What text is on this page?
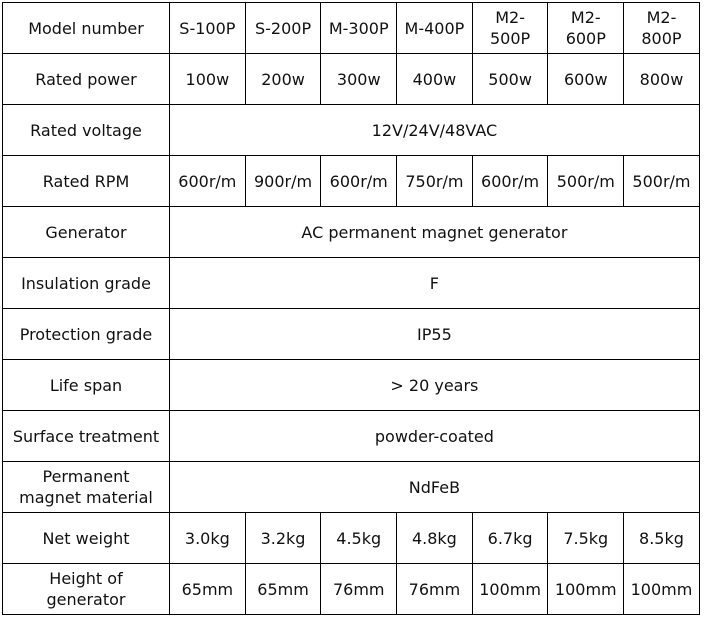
Model number	S-100P	S-200P	M-300P	M-400P	M2-500P	M2-600P	M2-800P
Rated power	100w	200w	300w	400w	500w	600w	800w
Rated voltage	12V/24V/48VAC						
Rated RPM	600r/m	900r/m	600r/m	750r/m	600r/m	500r/m	500r/m
Generator	AC permanent magnet generator						
Insulation grade	F						
Protection grade	IP55						
Life span	> 20 years						
Surface treatment	powder-coated						
Permanent magnet material	NdFeB						
Net weight	3.0kg	3.2kg	4.5kg	4.8kg	6.7kg	7.5kg	8.5kg
Height of generator	65mm	65mm	76mm	76mm	100mm	100mm	100mm
